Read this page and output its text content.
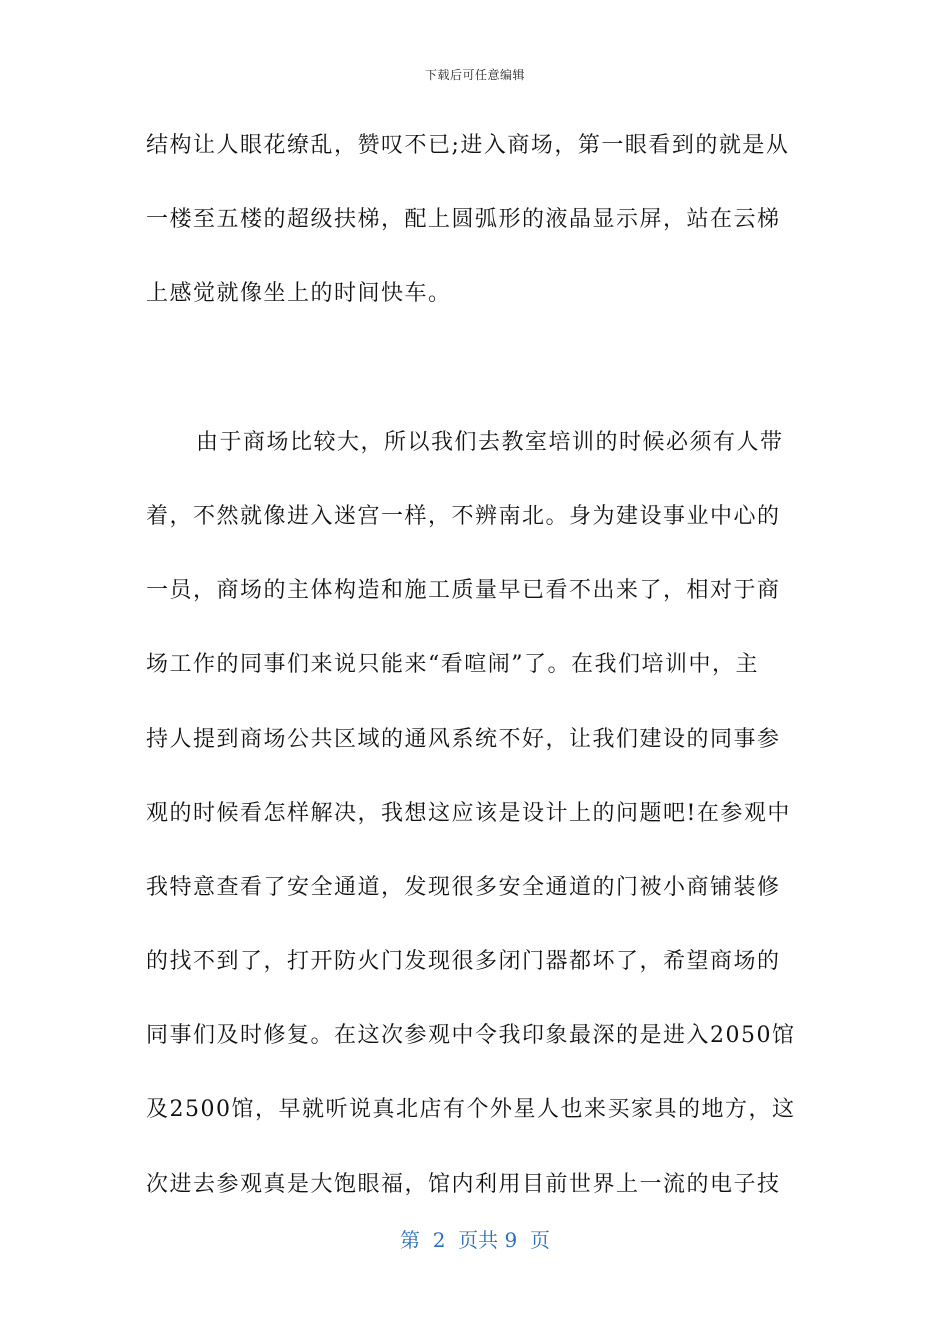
下载后可任意编辑
结构让人眼花缭乱，赞叹不已;进入商场，第一眼看到的就是从
一楼至五楼的超级扶梯，配上圆弧形的液晶显示屏，站在云梯
上感觉就像坐上的时间快车。
由于商场比较大，所以我们去教室培训的时候必须有人带
着，不然就像进入迷宫一样，不辨南北。身为建设事业中心的
一员，商场的主体构造和施工质量早已看不出来了，相对于商
场工作的同事们来说只能来“看喧闹”了。在我们培训中，主
持人提到商场公共区域的通风系统不好，让我们建设的同事参
观的时候看怎样解决，我想这应该是设计上的问题吧!在参观中
我特意查看了安全通道，发现很多安全通道的门被小商铺装修
的找不到了，打开防火门发现很多闭门器都坏了，希望商场的
同事们及时修复。在这次参观中令我印象最深的是进入2050馆
及2500馆，早就听说真北店有个外星人也来买家具的地方，这
次进去参观真是大饱眼福，馆内利用目前世界上一流的电子技
第  2  页共 9  页
